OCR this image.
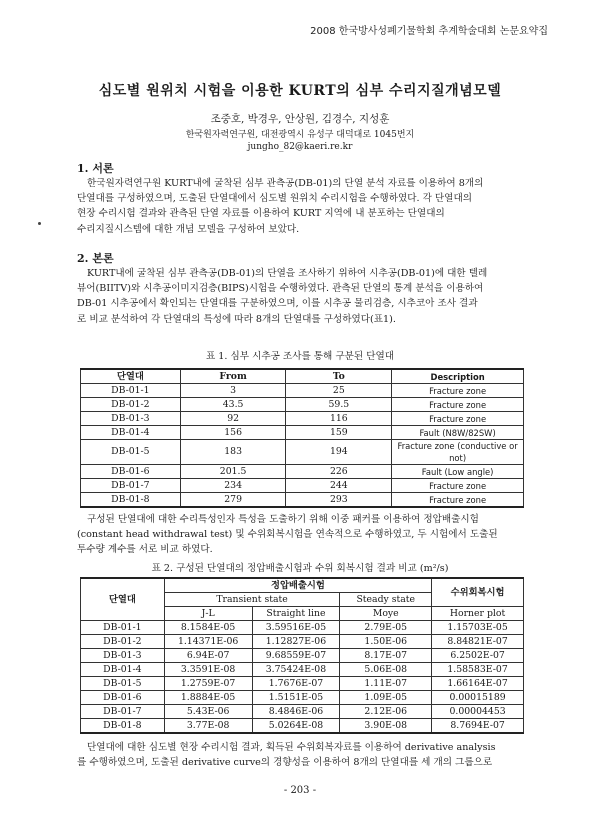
2008 한국방사성폐기물학회 추계학술대회 논문요약집
심도별 원위치 시험을 이용한 KURT의 심부 수리지질개념모델
조중호, 박경우, 안상원, 김경수, 지성훈
한국원자력연구원, 대전광역시 유성구 대덕대로 1045번지
jungho_82@kaeri.re.kr
1. 서론
한국원자력연구원 KURT내에 굴착된 심부 관측공(DB-01)의 단열 분석 자료를 이용하여 8개의
단열대를 구성하였으며, 도출된 단열대에서 심도별 원위치 수리시험을 수행하였다. 각 단열대의
현장 수리시험 결과와 관측된 단열 자료를 이용하여 KURT 지역에 내 분포하는 단열대의
수리지질시스템에 대한 개념 모델을 구성하여 보았다.
2. 본론
KURT내에 굴착된 심부 관측공(DB-01)의 단열을 조사하기 위하여 시추공(DB-01)에 대한 텔레
뷰어(BIITV)와 시추공이미지검층(BIPS)시험을 수행하였다. 관측된 단열의 통계 분석을 이용하여
DB-01 시추공에서 확인되는 단열대를 구분하였으며, 이를 시추공 물리검층, 시추코아 조사 결과
로 비교 분석하여 각 단열대의 특성에 따라 8개의 단열대를 구성하였다(표1).
표 1. 심부 시추공 조사를 통해 구분된 단열대
단열대	From	To	Description
DB-01-1	3	25	Fracture zone
DB-01-2	43.5	59.5	Fracture zone
DB-01-3	92	116	Fracture zone
DB-01-4	156	159	Fault (N8W/82SW)
DB-01-5	183	194	Fracture zone (conductive or not)
DB-01-6	201.5	226	Fault (Low angle)
DB-01-7	234	244	Fracture zone
DB-01-8	279	293	Fracture zone
구성된 단열대에 대한 수리특성인자 특성을 도출하기 위해 이중 패커를 이용하여 정압배출시험
(constant head withdrawal test) 및 수위회복시험을 연속적으로 수행하였고, 두 시험에서 도출된
투수량 계수를 서로 비교 하였다.
표 2. 구성된 단열대의 정압배출시험과 수위 회복시험 결과 비교 (m²/s)
단열대	정압배출시험			수위회복시험
	Transient state		Steady state	
	J-L	Straight line	Moye	Horner plot
DB-01-1	8.1584E-05	3.59516E-05	2.79E-05	1.15703E-05
DB-01-2	1.14371E-06	1.12827E-06	1.50E-06	8.84821E-07
DB-01-3	6.94E-07	9.68559E-07	8.17E-07	6.2502E-07
DB-01-4	3.3591E-08	3.75424E-08	5.06E-08	1.58583E-07
DB-01-5	1.2759E-07	1.7676E-07	1.11E-07	1.66164E-07
DB-01-6	1.8884E-05	1.5151E-05	1.09E-05	0.00015189
DB-01-7	5.43E-06	8.4846E-06	2.12E-06	0.00004453
DB-01-8	3.77E-08	5.0264E-08	3.90E-08	8.7694E-07
단열대에 대한 심도별 현장 수리시험 결과, 획득된 수위회복자료를 이용하여 derivative analysis
를 수행하였으며, 도출된 derivative curve의 경향성을 이용하여 8개의 단열대를 세 개의 그룹으로
- 203 -
